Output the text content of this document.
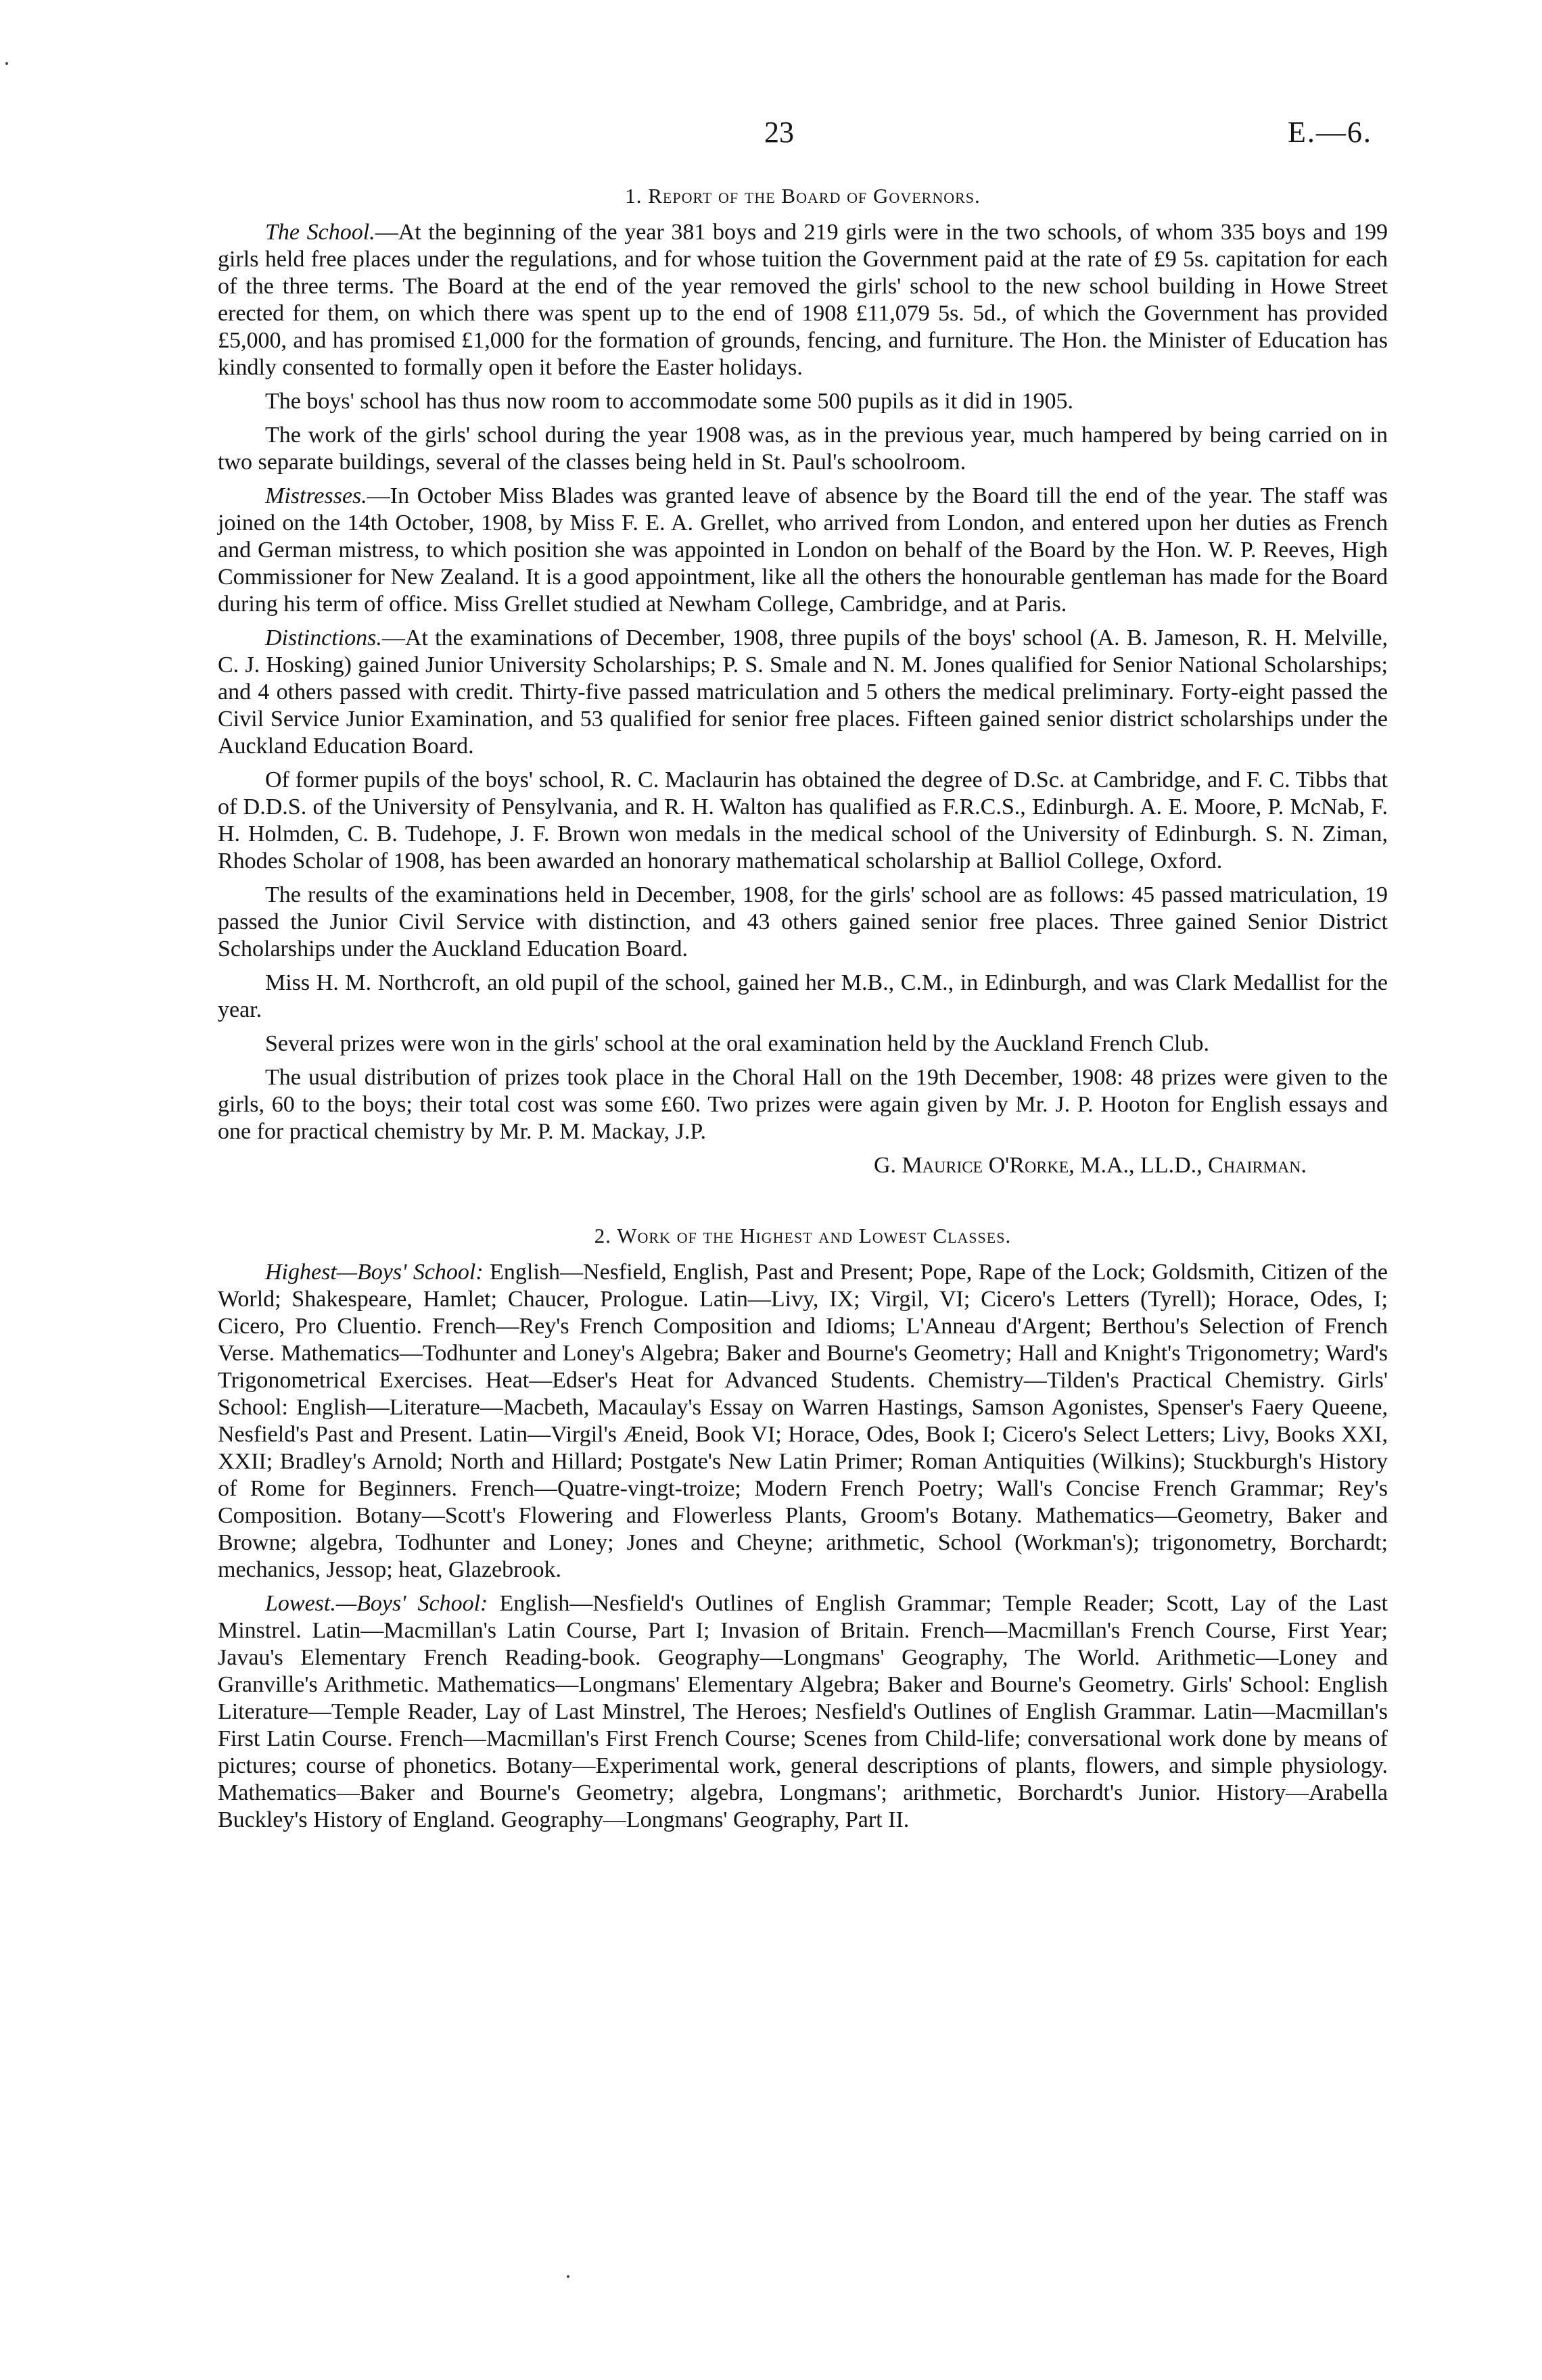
23	E.—6.
1. Report of the Board of Governors.

The School.—At the beginning of the year 381 boys and 219 girls were in the two schools, of whom 335 boys and 199 girls held free places under the regulations, and for whose tuition the Government paid at the rate of £9 5s. capitation for each of the three terms. The Board at the end of the year removed the girls' school to the new school building in Howe Street erected for them, on which there was spent up to the end of 1908 £11,079 5s. 5d., of which the Government has provided £5,000, and has promised £1,000 for the formation of grounds, fencing, and furniture. The Hon. the Minister of Education has kindly consented to formally open it before the Easter holidays.

The boys' school has thus now room to accommodate some 500 pupils as it did in 1905.

The work of the girls' school during the year 1908 was, as in the previous year, much hampered by being carried on in two separate buildings, several of the classes being held in St. Paul's schoolroom.

Mistresses.—In October Miss Blades was granted leave of absence by the Board till the end of the year. The staff was joined on the 14th October, 1908, by Miss F. E. A. Grellet, who arrived from London, and entered upon her duties as French and German mistress, to which position she was appointed in London on behalf of the Board by the Hon. W. P. Reeves, High Commissioner for New Zealand. It is a good appointment, like all the others the honourable gentleman has made for the Board during his term of office. Miss Grellet studied at Newham College, Cambridge, and at Paris.

Distinctions.—At the examinations of December, 1908, three pupils of the boys' school (A. B. Jameson, R. H. Melville, C. J. Hosking) gained Junior University Scholarships; P. S. Smale and N. M. Jones qualified for Senior National Scholarships; and 4 others passed with credit. Thirty-five passed matriculation and 5 others the medical preliminary. Forty-eight passed the Civil Service Junior Examination, and 53 qualified for senior free places. Fifteen gained senior district scholarships under the Auckland Education Board.

Of former pupils of the boys' school, R. C. Maclaurin has obtained the degree of D.Sc. at Cambridge, and F. C. Tibbs that of D.D.S. of the University of Pensylvania, and R. H. Walton has qualified as F.R.C.S., Edinburgh. A. E. Moore, P. McNab, F. H. Holmden, C. B. Tudehope, J. F. Brown won medals in the medical school of the University of Edinburgh. S. N. Ziman, Rhodes Scholar of 1908, has been awarded an honorary mathematical scholarship at Balliol College, Oxford.

The results of the examinations held in December, 1908, for the girls' school are as follows: 45 passed matriculation, 19 passed the Junior Civil Service with distinction, and 43 others gained senior free places. Three gained Senior District Scholarships under the Auckland Education Board.

Miss H. M. Northcroft, an old pupil of the school, gained her M.B., C.M., in Edinburgh, and was Clark Medallist for the year.

Several prizes were won in the girls' school at the oral examination held by the Auckland French Club.

The usual distribution of prizes took place in the Choral Hall on the 19th December, 1908: 48 prizes were given to the girls, 60 to the boys; their total cost was some £60. Two prizes were again given by Mr. J. P. Hooton for English essays and one for practical chemistry by Mr. P. M. Mackay, J.P.

G. Maurice O'Rorke, M.A., LL.D., Chairman.
2. Work of the Highest and Lowest Classes.

Highest—Boys' School: English—Nesfield, English, Past and Present; Pope, Rape of the Lock; Goldsmith, Citizen of the World; Shakespeare, Hamlet; Chaucer, Prologue. Latin—Livy, IX; Virgil, VI; Cicero's Letters (Tyrell); Horace, Odes, I; Cicero, Pro Cluentio. French—Rey's French Composition and Idioms; L'Anneau d'Argent; Berthou's Selection of French Verse. Mathematics—Todhunter and Loney's Algebra; Baker and Bourne's Geometry; Hall and Knight's Trigonometry; Ward's Trigonometrical Exercises. Heat—Edser's Heat for Advanced Students. Chemistry—Tilden's Practical Chemistry. Girls' School: English—Literature—Macbeth, Macaulay's Essay on Warren Hastings, Samson Agonistes, Spenser's Faery Queene, Nesfield's Past and Present. Latin—Virgil's Æneid, Book VI; Horace, Odes, Book I; Cicero's Select Letters; Livy, Books XXI, XXII; Bradley's Arnold; North and Hillard; Postgate's New Latin Primer; Roman Antiquities (Wilkins); Stuckburgh's History of Rome for Beginners. French—Quatre-vingt-troize; Modern French Poetry; Wall's Concise French Grammar; Rey's Composition. Botany—Scott's Flowering and Flowerless Plants, Groom's Botany. Mathematics—Geometry, Baker and Browne; algebra, Todhunter and Loney; Jones and Cheyne; arithmetic, School (Workman's); trigonometry, Borchardt; mechanics, Jessop; heat, Glazebrook.

Lowest.—Boys' School: English—Nesfield's Outlines of English Grammar; Temple Reader; Scott, Lay of the Last Minstrel. Latin—Macmillan's Latin Course, Part I; Invasion of Britain. French—Macmillan's French Course, First Year; Javau's Elementary French Reading-book. Geography—Longmans' Geography, The World. Arithmetic—Loney and Granville's Arithmetic. Mathematics—Longmans' Elementary Algebra; Baker and Bourne's Geometry. Girls' School: English Literature—Temple Reader, Lay of Last Minstrel, The Heroes; Nesfield's Outlines of English Grammar. Latin—Macmillan's First Latin Course. French—Macmillan's First French Course; Scenes from Child-life; conversational work done by means of pictures; course of phonetics. Botany—Experimental work, general descriptions of plants, flowers, and simple physiology. Mathematics—Baker and Bourne's Geometry; algebra, Longmans'; arithmetic, Borchardt's Junior. History—Arabella Buckley's History of England. Geography—Longmans' Geography, Part II.
